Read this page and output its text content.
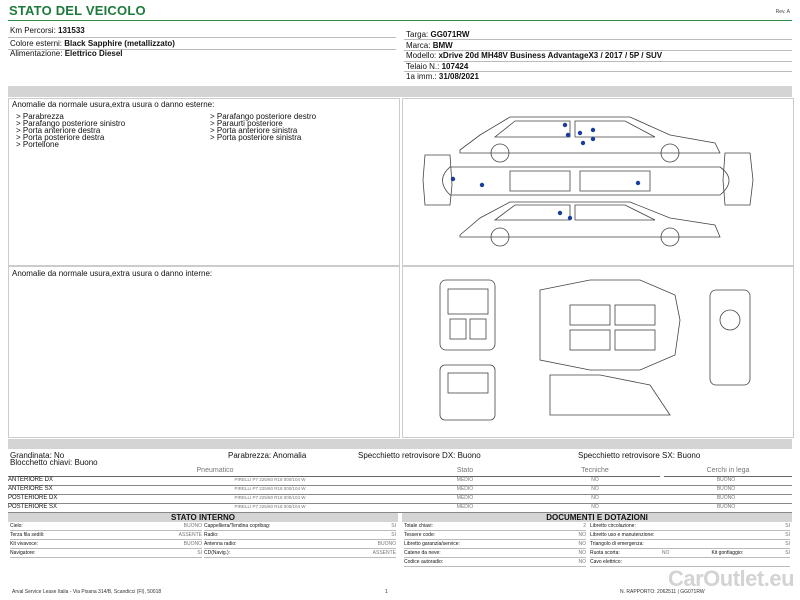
STATO DEL VEICOLO	Rev. A
Km Percorsi: 131533
Colore esterni: Black Sapphire (metallizzato)
Alimentazione: Elettrico Diesel
Targa: GG071RW
Marca: BMW
Modello: xDrive 20d MH48V Business AdvantageX3 / 2017 / 5P / SUV
Telaio N.: 107424
1a imm.: 31/08/2021
Anomalie da normale usura,extra usura o danno esterne:
> Parabrezza
> Parafango posteriore sinistro
> Porta anteriore destra
> Porta posteriore destra
> Portellone
> Parafango posteriore destro
> Paraurti posteriore
> Porta anteriore sinistra
> Porta posteriore sinistra
Anomalie da normale usura,extra usura o danno interne:
Grandinata: No	Parabrezza: Anomalia	Specchietto retrovisore DX: Buono	Specchietto retrovisore SX: Buono
Blocchetto chiavi: Buono
Pneumatico	Stato	Tecniche	Cerchi in lega
ANTERIORE DX	PIRELLI P7 225/60 R18 000/104 W	MEDIO	NO	BUONO
ANTERIORE SX	PIRELLI P7 225/60 R18 000/104 W	MEDIO	NO	BUONO
POSTERIORE DX	PIRELLI P7 225/60 R18 000/104 W	MEDIO	NO	BUONO
POSTERIORE SX	PIRELLI P7 225/60 R18 000/104 W	MEDIO	NO	BUONO
STATO INTERNO
Cielo:	BUONO
Terza fila sedili:	ASSENTE
Kit vivavoce:	BUONO
Navigatore:	SI
Cappelliera/Tendina copribag:	SI
Radio:	SI
Antenna radio:	BUONO
CD(Navig.):	ASSENTE
DOCUMENTI E DOTAZIONI
Totale chiavi:	2
Tessere code:	NO
Libretto garanzia/service:	NO
Catene da neve:	NO
Codice autoradio:	NO
Libretto circolazione:	SI
Libretto uso e manutenzione:	SI
Triangolo di emergenza:	SI
Ruota scorta:	NO	Kit gonfiaggio:	SI
Cavo elettrico:
Arval Service Lease Italia - Via Pisana 314/B, Scandicci (FI), 50018	1	N. RAPPORTO: 2062511 | GG071RW
CarOutlet.eu
